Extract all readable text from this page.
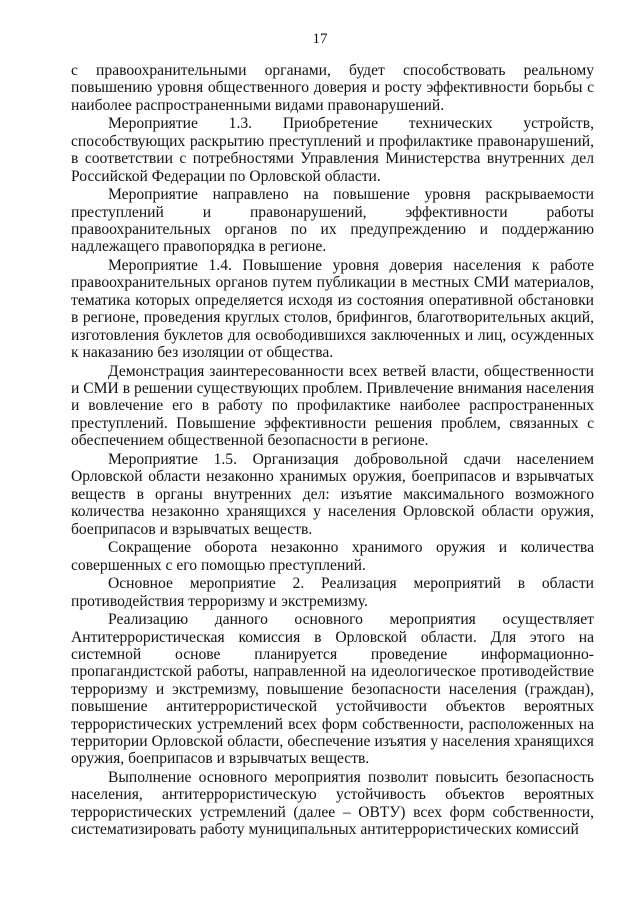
17

с правоохранительными органами, будет способствовать реальному повышению уровня общественного доверия и росту эффективности борьбы с наиболее распространенными видами правонарушений.

Мероприятие 1.3. Приобретение технических устройств, способствующих раскрытию преступлений и профилактике правонарушений, в соответствии с потребностями Управления Министерства внутренних дел Российской Федерации по Орловской области.

Мероприятие направлено на повышение уровня раскрываемости преступлений и правонарушений, эффективности работы правоохранительных органов по их предупреждению и поддержанию надлежащего правопорядка в регионе.

Мероприятие 1.4. Повышение уровня доверия населения к работе правоохранительных органов путем публикации в местных СМИ материалов, тематика которых определяется исходя из состояния оперативной обстановки в регионе, проведения круглых столов, брифингов, благотворительных акций, изготовления буклетов для освободившихся заключенных и лиц, осужденных к наказанию без изоляции от общества.

Демонстрация заинтересованности всех ветвей власти, общественности и СМИ в решении существующих проблем. Привлечение внимания населения и вовлечение его в работу по профилактике наиболее распространенных преступлений. Повышение эффективности решения проблем, связанных с обеспечением общественной безопасности в регионе.

Мероприятие 1.5. Организация добровольной сдачи населением Орловской области незаконно хранимых оружия, боеприпасов и взрывчатых веществ в органы внутренних дел: изъятие максимального возможного количества незаконно хранящихся у населения Орловской области оружия, боеприпасов и взрывчатых веществ.

Сокращение оборота незаконно хранимого оружия и количества совершенных с его помощью преступлений.

Основное мероприятие 2. Реализация мероприятий в области противодействия терроризму и экстремизму.

Реализацию данного основного мероприятия осуществляет Антитеррористическая комиссия в Орловской области. Для этого на системной основе планируется проведение информационно-пропагандистской работы, направленной на идеологическое противодействие терроризму и экстремизму, повышение безопасности населения (граждан), повышение антитеррористической устойчивости объектов вероятных террористических устремлений всех форм собственности, расположенных на территории Орловской области, обеспечение изъятия у населения хранящихся оружия, боеприпасов и взрывчатых веществ.

Выполнение основного мероприятия позволит повысить безопасность населения, антитеррористическую устойчивость объектов вероятных террористических устремлений (далее – ОВТУ) всех форм собственности, систематизировать работу муниципальных антитеррористических комиссий
